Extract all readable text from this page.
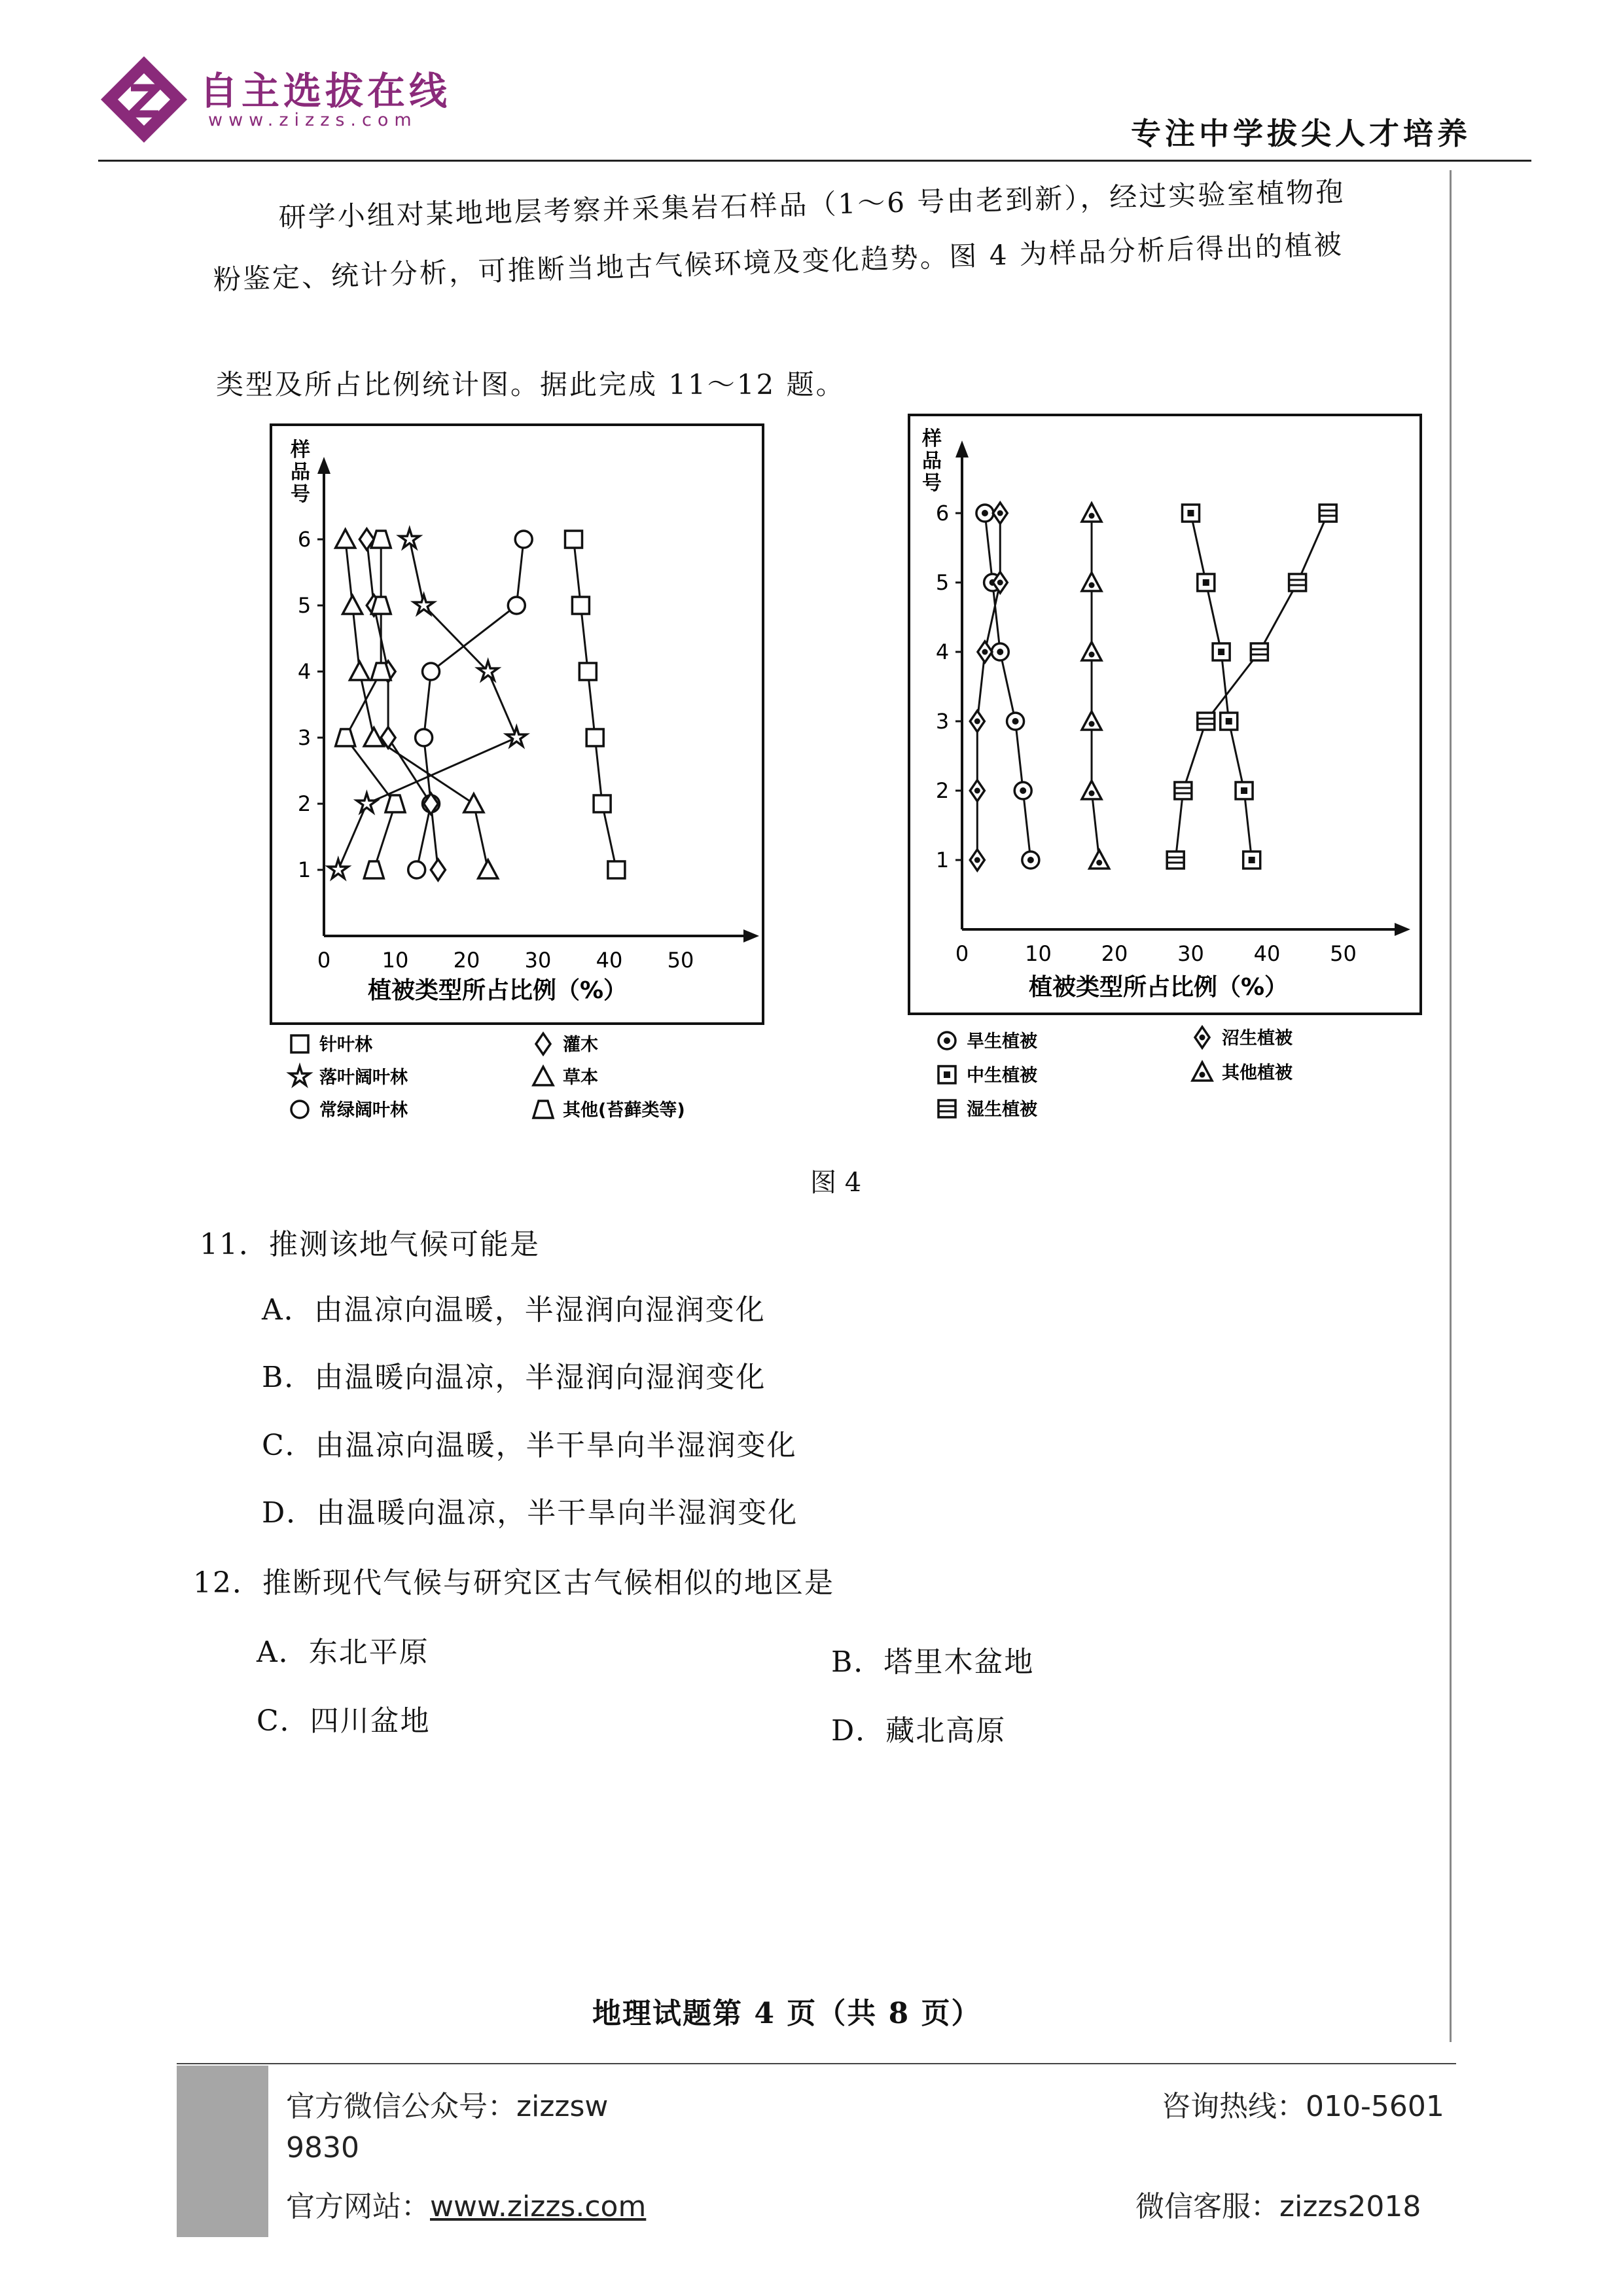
自主选拔在线
www.zizzs.com	专注中学拔尖人才培养
研学小组对某地地层考察并采集岩石样品（1～6 号由老到新），经过实验室植物孢
粉鉴定、统计分析，可推断当地古气候环境及变化趋势。图 4 为样品分析后得出的植被
类型及所占比例统计图。据此完成 11～12 题。
0 10 20 30 40 50
1
2
3
4
5
6
样品号
植被类型所占比例（%）
针叶林
落叶阔叶林
常绿阔叶林
灌木
草本
其他(苔藓类等)
0	10 20 30 40 50
1
2
3
4
5
6
样品号
植被类型所占比例（%）
旱生植被
中生植被
湿生植被
沼生植被
其他植被
图 4
11．推测该地气候可能是
A．由温凉向温暖，半湿润向湿润变化
B．由温暖向温凉，半湿润向湿润变化
C．由温凉向温暖，半干旱向半湿润变化
D．由温暖向温凉，半干旱向半湿润变化
12．推断现代气候与研究区古气候相似的地区是
A．东北平原	B．塔里木盆地
C．四川盆地	D．藏北高原
地理试题第 4 页（共 8 页）
官方微信公众号：zizzsw
9830
官方网站：www.zizzs.com
咨询热线：010-5601
微信客服：zizzs2018
